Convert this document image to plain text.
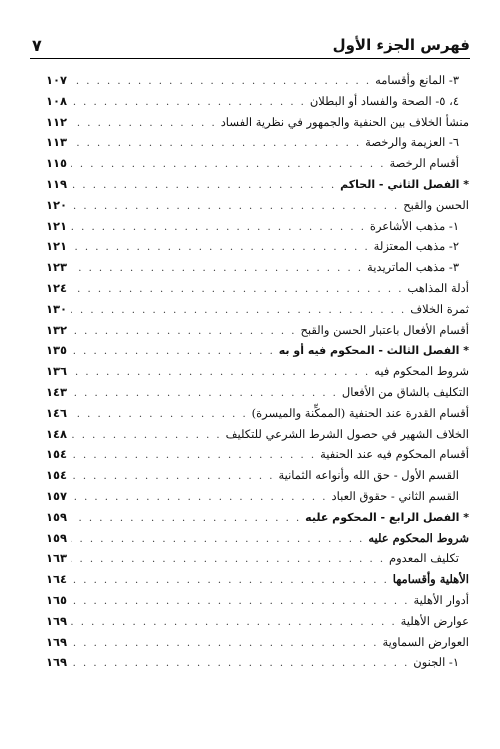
فهرس الجزء الأول
٧
٣- المانع وأقسامه
. . .
١٠٧
٤، ٥- الصحة والفساد أو البطلان
. . .
١٠٨
منشأ الخلاف بين الحنفية والجمهور في نظرية الفساد
. . .
١١٢
٦- العزيمة والرخصة
. . .
١١٣
أقسام الرخصة
. . .
١١٥
* الفصل الثاني - الحاكم
. . .
١١٩
الحسن والقبح
. . .
١٢٠
١- مذهب الأشاعرة
. . .
١٢١
٢- مذهب المعتزلة
. . .
١٢١
٣- مذهب الماتريدية
. . .
١٢٣
أدلة المذاهب
. . .
١٢٤
ثمرة الخلاف
. . .
١٣٠
أقسام الأفعال باعتبار الحسن والقبح
. . .
١٣٢
* الفصل الثالث - المحكوم فيه أو به
. . .
١٣٥
شروط المحكوم فيه
. . .
١٣٦
التكليف بالشاق من الأفعال
. . .
١٤٣
أقسام القدرة عند الحنفية (الممكِّنة والميسرة)
. . .
١٤٦
الخلاف الشهير في حصول الشرط الشرعي للتكليف
. . .
١٤٨
أقسام المحكوم فيه عند الحنفية
. . .
١٥٤
القسم الأول - حق الله وأنواعه الثمانية
. . .
١٥٤
القسم الثاني - حقوق العباد
. . .
١٥٧
* الفصل الرابع - المحكوم عليه
. . .
١٥٩
شروط المحكوم عليه
. . .
١٥٩
تكليف المعدوم
. . .
١٦٣
الأهلية وأقسامها
. . .
١٦٤
أدوار الأهلية
. . .
١٦٥
عوارض الأهلية
. . .
١٦٩
العوارض السماوية
. . .
١٦٩
١- الجنون
. . .
١٦٩
